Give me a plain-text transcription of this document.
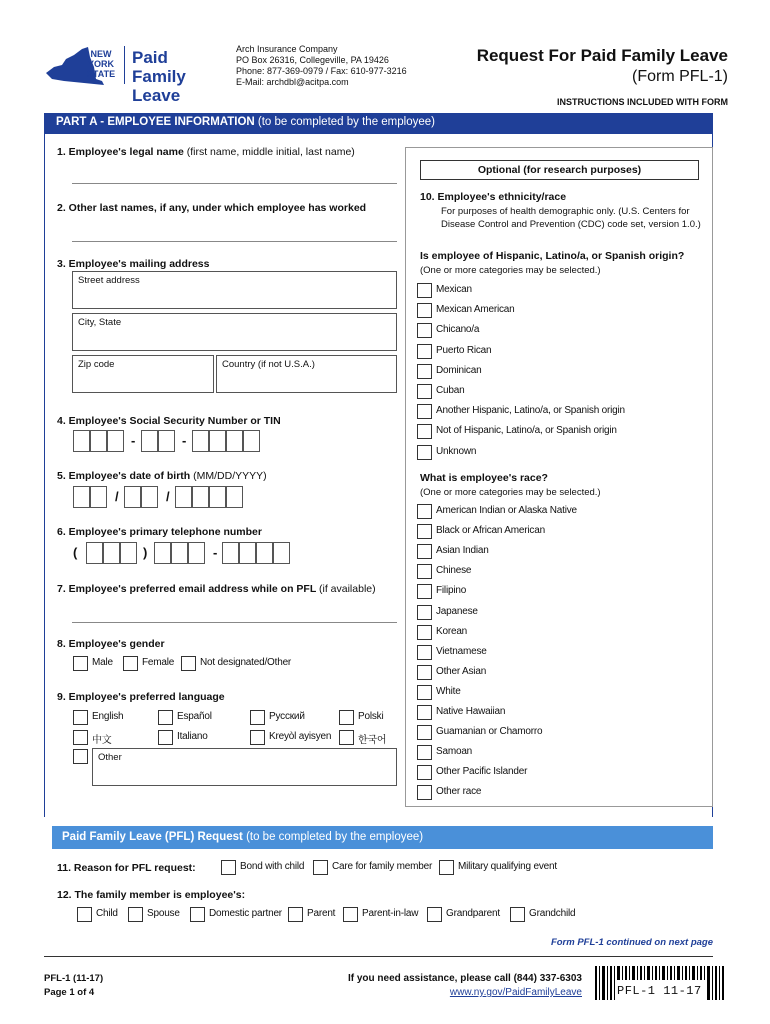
NEW YORK STATE
Paid Family Leave
Arch Insurance Company
PO Box 26316, Collegeville, PA 19426
Phone: 877-369-0979 / Fax: 610-977-3216
E-Mail: archdbl@acitpa.com
Request For Paid Family Leave
(Form PFL-1)
INSTRUCTIONS INCLUDED WITH FORM
PART A - EMPLOYEE INFORMATION (to be completed by the employee)
1. Employee's legal name (first name, middle initial, last name)
2. Other last names, if any, under which employee has worked
3. Employee's mailing address
Street address
City, State
Zip code	Country (if not U.S.A.)
4. Employee's Social Security Number or TIN
-	-
5. Employee's date of birth (MM/DD/YYYY)
/	/
6. Employee's primary telephone number
(	)	-
7. Employee's preferred email address while on PFL (if available)
8. Employee's gender
Male	Female	Not designated/Other
9. Employee's preferred language
English	Español	Русский	Polski
中文	Italiano	Kreyòl ayisyen	한국어
Other
Optional (for research purposes)
10. Employee's ethnicity/race
For purposes of health demographic only. (U.S. Centers for
Disease Control and Prevention (CDC) code set, version 1.0.)
Is employee of Hispanic, Latino/a, or Spanish origin?
(One or more categories may be selected.)
Mexican
Mexican American
Chicano/a
Puerto Rican
Dominican
Cuban
Another Hispanic, Latino/a, or Spanish origin
Not of Hispanic, Latino/a, or Spanish origin
Unknown
What is employee's race?
(One or more categories may be selected.)
American Indian or Alaska Native
Black or African American
Asian Indian
Chinese
Filipino
Japanese
Korean
Vietnamese
Other Asian
White
Native Hawaiian
Guamanian or Chamorro
Samoan
Other Pacific Islander
Other race
Paid Family Leave (PFL) Request (to be completed by the employee)
11. Reason for PFL request:	Bond with child	Care for family member	Military qualifying event
12. The family member is employee's:
Child	Spouse	Domestic partner	Parent	Parent-in-law	Grandparent	Grandchild
Form PFL-1 continued on next page
PFL-1 (11-17)
Page 1 of 4
If you need assistance, please call (844) 337-6303
www.ny.gov/PaidFamilyLeave	PFL-1 11-17
